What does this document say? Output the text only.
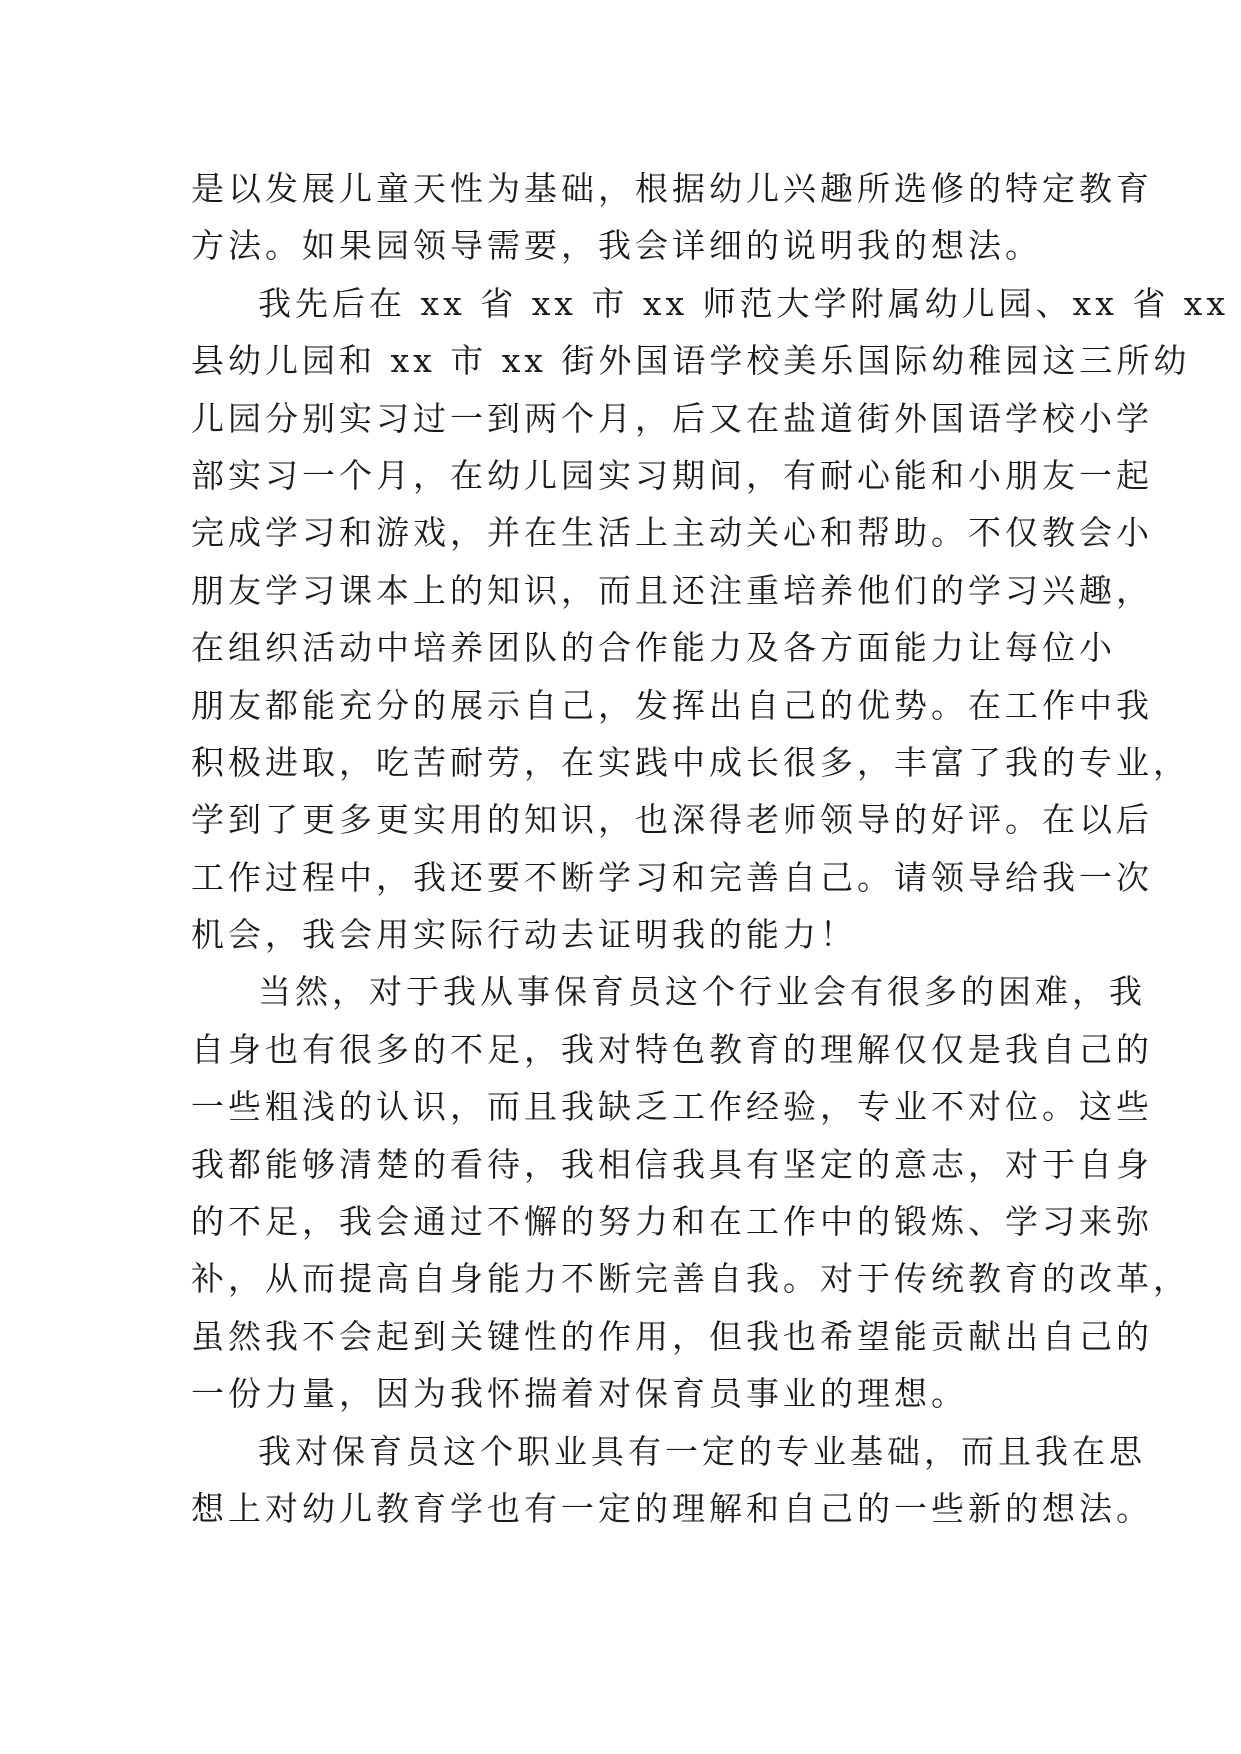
是以发展儿童天性为基础，根据幼儿兴趣所选修的特定教育
方法。如果园领导需要，我会详细的说明我的想法。
我先后在 xx 省 xx 市 xx 师范大学附属幼儿园、xx 省 xx
县幼儿园和 xx 市 xx 街外国语学校美乐国际幼稚园这三所幼
儿园分别实习过一到两个月，后又在盐道街外国语学校小学
部实习一个月，在幼儿园实习期间，有耐心能和小朋友一起
完成学习和游戏，并在生活上主动关心和帮助。不仅教会小
朋友学习课本上的知识，而且还注重培养他们的学习兴趣，
在组织活动中培养团队的合作能力及各方面能力让每位小
朋友都能充分的展示自己，发挥出自己的优势。在工作中我
积极进取，吃苦耐劳，在实践中成长很多，丰富了我的专业，
学到了更多更实用的知识，也深得老师领导的好评。在以后
工作过程中，我还要不断学习和完善自己。请领导给我一次
机会，我会用实际行动去证明我的能力！
当然，对于我从事保育员这个行业会有很多的困难，我
自身也有很多的不足，我对特色教育的理解仅仅是我自己的
一些粗浅的认识，而且我缺乏工作经验，专业不对位。这些
我都能够清楚的看待，我相信我具有坚定的意志，对于自身
的不足，我会通过不懈的努力和在工作中的锻炼、学习来弥
补，从而提高自身能力不断完善自我。对于传统教育的改革，
虽然我不会起到关键性的作用，但我也希望能贡献出自己的
一份力量，因为我怀揣着对保育员事业的理想。
我对保育员这个职业具有一定的专业基础，而且我在思
想上对幼儿教育学也有一定的理解和自己的一些新的想法。
